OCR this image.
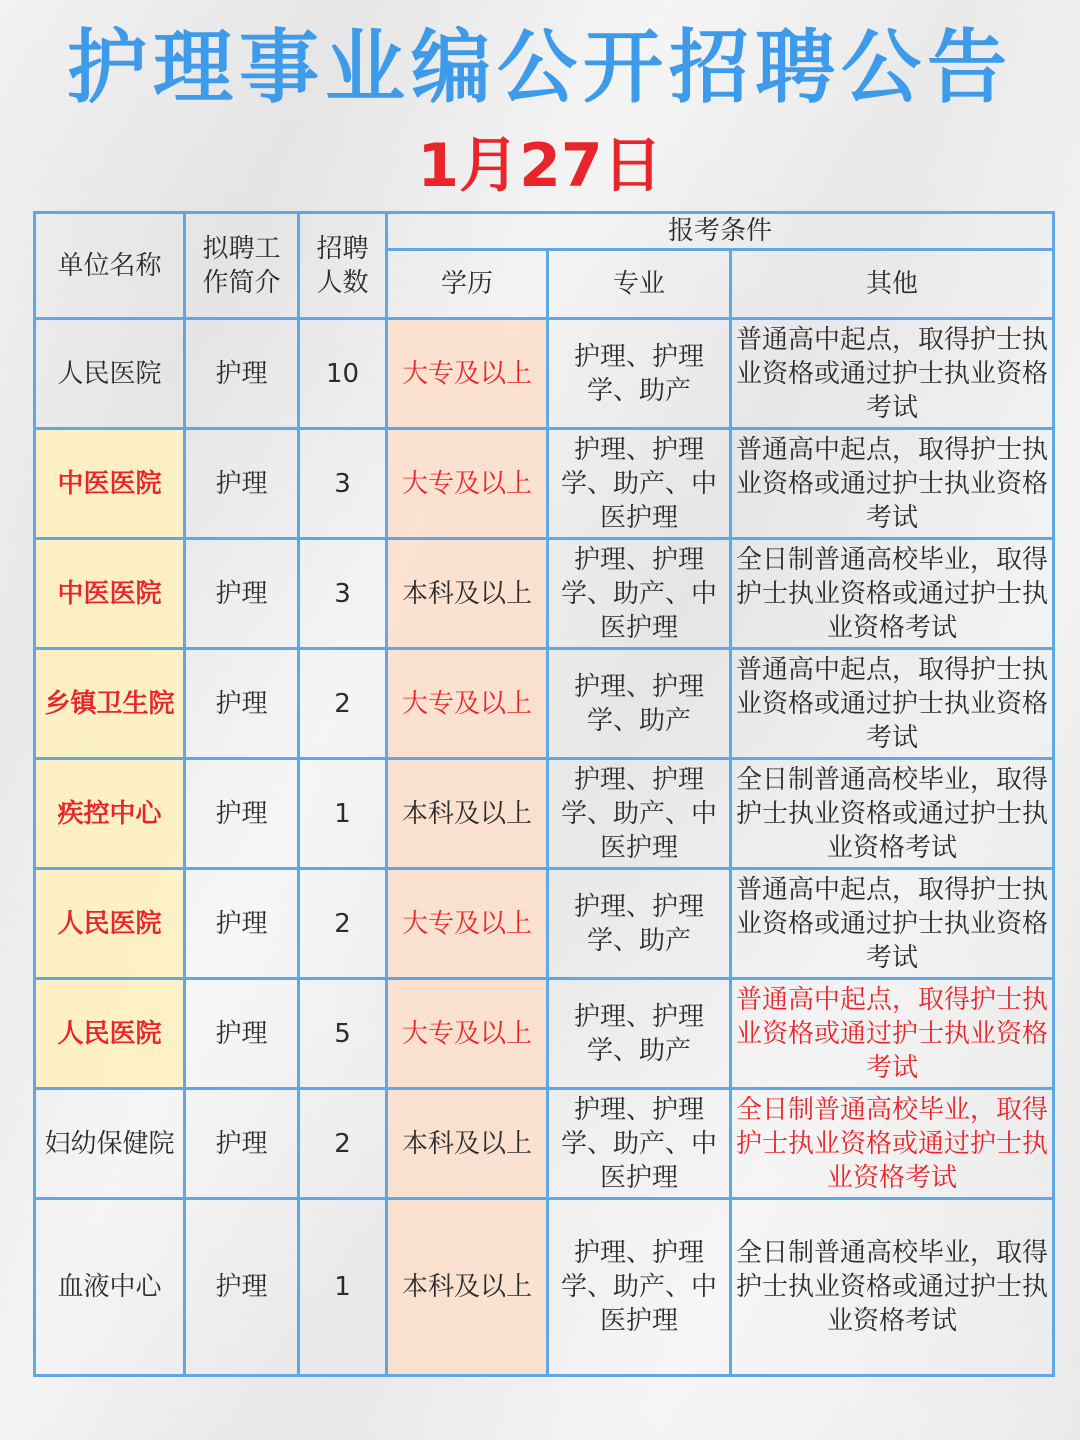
护理事业编公开招聘公告
1月27日
单位名称	拟聘工作简介	招聘人数	报考条件		
			学历	专业	其他
人民医院	护理	10	大专及以上	护理、护理学、助产	普通高中起点，取得护士执业资格或通过护士执业资格考试
中医医院	护理	3	大专及以上	护理、护理学、助产、中医护理	普通高中起点，取得护士执业资格或通过护士执业资格考试
中医医院	护理	3	本科及以上	护理、护理学、助产、中医护理	全日制普通高校毕业，取得护士执业资格或通过护士执业资格考试
乡镇卫生院	护理	2	大专及以上	护理、护理学、助产	普通高中起点，取得护士执业资格或通过护士执业资格考试
疾控中心	护理	1	本科及以上	护理、护理学、助产、中医护理	全日制普通高校毕业，取得护士执业资格或通过护士执业资格考试
人民医院	护理	2	大专及以上	护理、护理学、助产	普通高中起点，取得护士执业资格或通过护士执业资格考试
人民医院	护理	5	大专及以上	护理、护理学、助产	普通高中起点，取得护士执业资格或通过护士执业资格考试
妇幼保健院	护理	2	本科及以上	护理、护理学、助产、中医护理	全日制普通高校毕业，取得护士执业资格或通过护士执业资格考试
血液中心	护理	1	本科及以上	护理、护理学、助产、中医护理	全日制普通高校毕业，取得护士执业资格或通过护士执业资格考试
